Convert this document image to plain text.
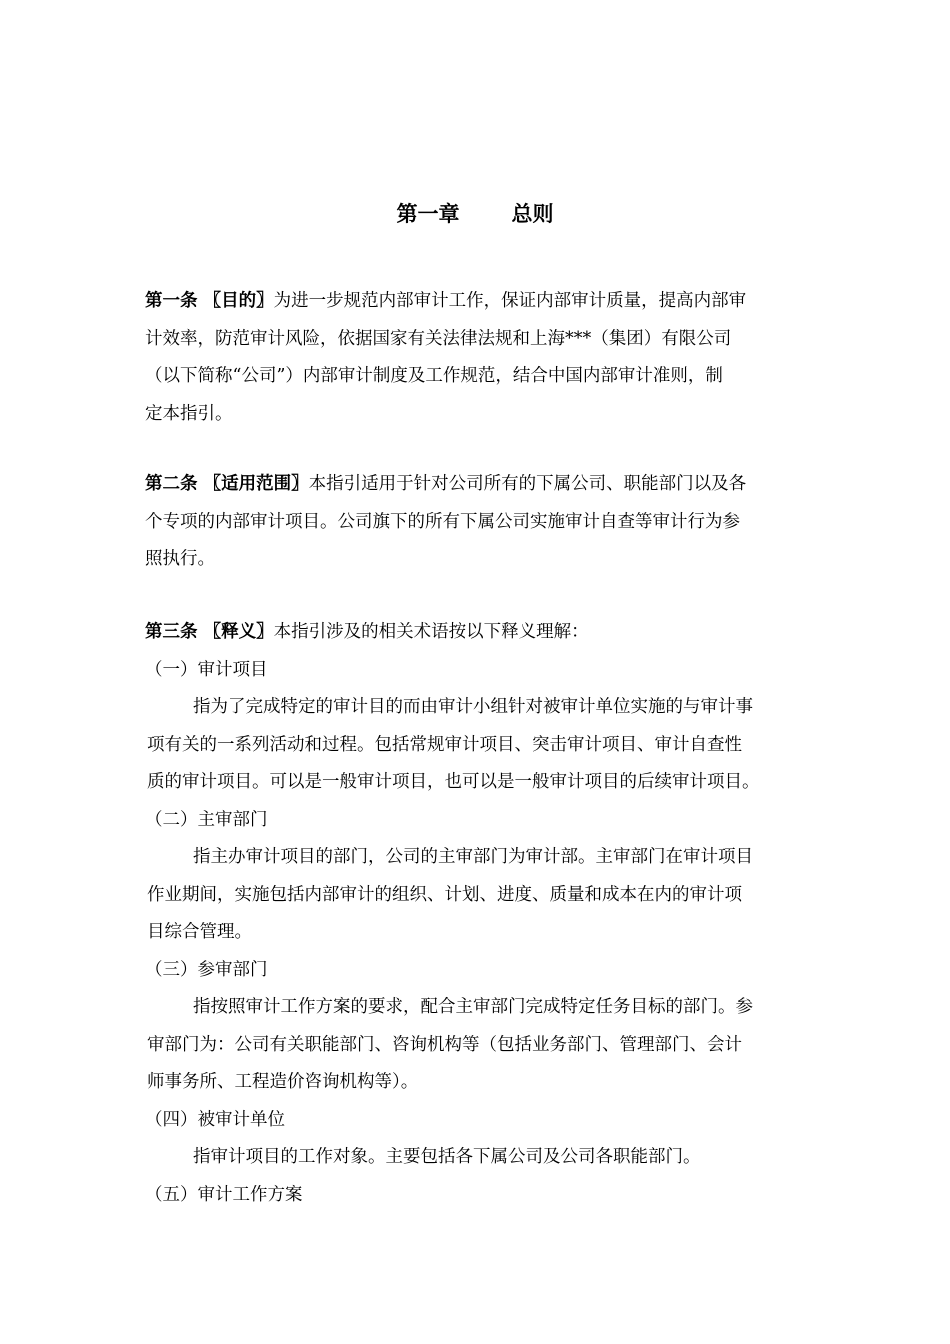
第一章 总则
第一条 〖目的〗为进一步规范内部审计工作，保证内部审计质量，提高内部审
计效率，防范审计风险，依据国家有关法律法规和上海***（集团）有限公司
（以下简称“公司”）内部审计制度及工作规范，结合中国内部审计准则，制
定本指引。
第二条 〖适用范围〗本指引适用于针对公司所有的下属公司、职能部门以及各
个专项的内部审计项目。公司旗下的所有下属公司实施审计自查等审计行为参
照执行。
第三条 〖释义〗本指引涉及的相关术语按以下释义理解：
（一）审计项目
指为了完成特定的审计目的而由审计小组针对被审计单位实施的与审计事
项有关的一系列活动和过程。包括常规审计项目、突击审计项目、审计自查性
质的审计项目。可以是一般审计项目，也可以是一般审计项目的后续审计项目。
（二）主审部门
指主办审计项目的部门，公司的主审部门为审计部。主审部门在审计项目
作业期间，实施包括内部审计的组织、计划、进度、质量和成本在内的审计项
目综合管理。
（三）参审部门
指按照审计工作方案的要求，配合主审部门完成特定任务目标的部门。参
审部门为：公司有关职能部门、咨询机构等（包括业务部门、管理部门、会计
师事务所、工程造价咨询机构等）。
（四）被审计单位
指审计项目的工作对象。主要包括各下属公司及公司各职能部门。
（五）审计工作方案
